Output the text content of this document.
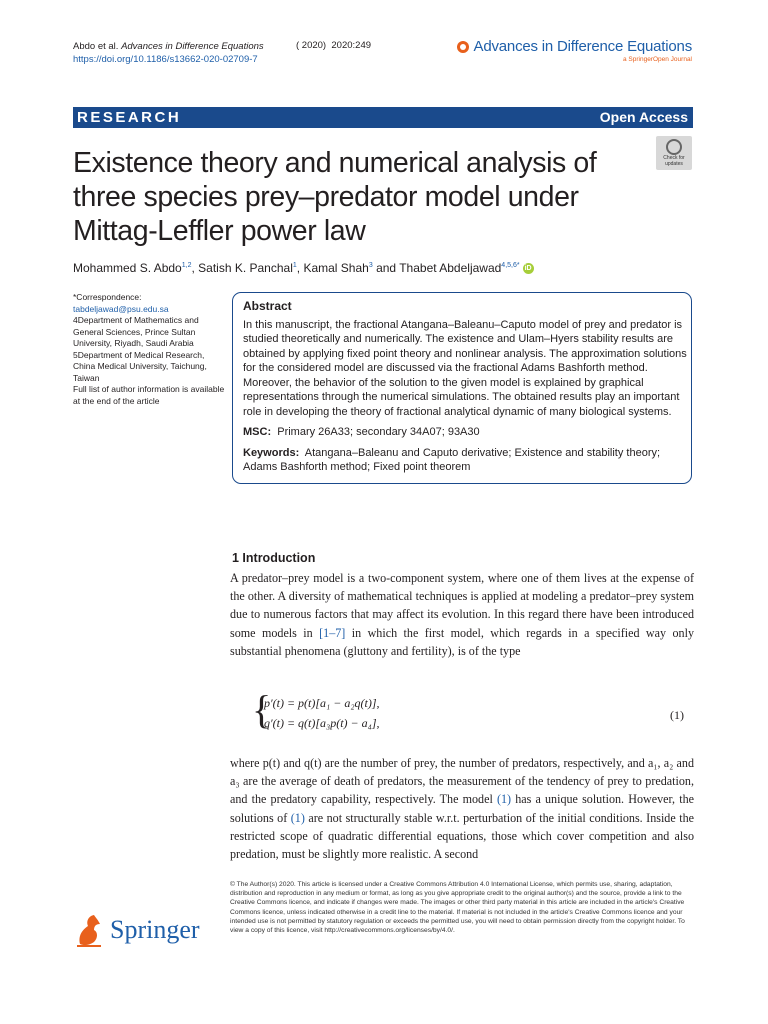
Abdo et al. Advances in Difference Equations
https://doi.org/10.1186/s13662-020-02709-7
( 2020) 2020:249	Advances in Difference Equations
a SpringerOpen Journal
RESEARCH	Open Access
Existence theory and numerical analysis of
three species prey–predator model under
Mittag-Leffler power law
Check for updates
Mohammed S. Abdo$^{1,2}$, Satish K. Panchal$^1$, Kamal Shah$^3$ and Thabet Abdeljawad$^{4,5,6*}$ iD
*Correspondence:
tabdeljawad@psu.edu.sa
4Department of Mathematics and General Sciences, Prince Sultan University, Riyadh, Saudi Arabia
5Department of Medical Research, China Medical University, Taichung, Taiwan
Full list of author information is available at the end of the article
Abstract

In this manuscript, the fractional Atangana–Baleanu–Caputo model of prey and predator is studied theoretically and numerically. The existence and Ulam–Hyers stability results are obtained by applying fixed point theory and nonlinear analysis. The approximation solutions for the considered model are discussed via the fractional Adams Bashforth method. Moreover, the behavior of the solution to the given model is explained by graphical representations through the numerical simulations. The obtained results play an important role in developing the theory of fractional analytical dynamic of many biological systems.

MSC: Primary 26A33; secondary 34A07; 93A30
Keywords: Atangana–Baleanu and Caputo derivative; Existence and stability theory; Adams Bashforth method; Fixed point theorem
1 Introduction
A predator–prey model is a two-component system, where one of them lives at the expense of the other. A diversity of mathematical techniques is applied at modeling a predator–prey system due to numerous factors that may affect its evolution. In this regard there have been introduced some models in [1–7] in which the first model, which regards in a specified way only substantial phenomena (gluttony and fertility), is of the type
{
p′(t) = p(t)[a₁ − a₂q(t)],
q′(t) = q(t)[a₃p(t) − a₄],
(1)
where p(t) and q(t) are the number of prey, the number of predators, respectively, and a₁, a₂ and a₃ are the average of death of predators, the measurement of the tendency of prey to predation, and the predatory capability, respectively. The model (1) has a unique solution. However, the solutions of (1) are not structurally stable w.r.t. perturbation of the initial conditions. Inside the restricted scope of quadratic differential equations, those which cover competition and also predation, must be slightly more realistic. A second
Springer
© The Author(s) 2020. This article is licensed under a Creative Commons Attribution 4.0 International License, which permits use, sharing, adaptation, distribution and reproduction in any medium or format, as long as you give appropriate credit to the original author(s) and the source, provide a link to the Creative Commons licence, and indicate if changes were made. The images or other third party material in this article are included in the article's Creative Commons licence, unless indicated otherwise in a credit line to the material. If material is not included in the article's Creative Commons licence and your intended use is not permitted by statutory regulation or exceeds the permitted use, you will need to obtain permission directly from the copyright holder. To view a copy of this licence, visit http://creativecommons.org/licenses/by/4.0/.
